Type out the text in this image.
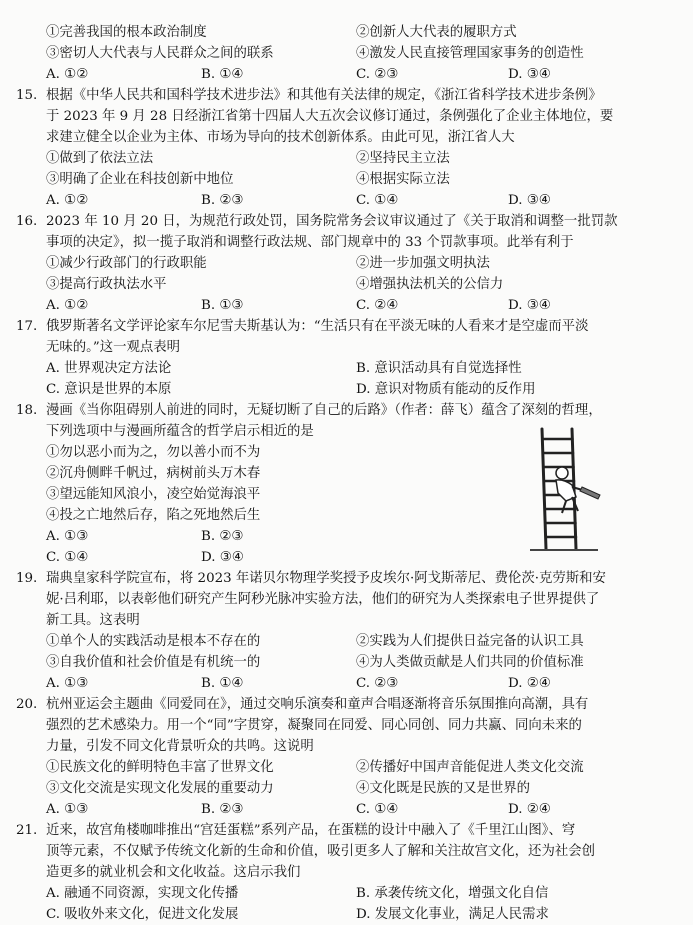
①完善我国的根本政治制度	②创新人大代表的履职方式
③密切人大代表与人民群众之间的联系	④激发人民直接管理国家事务的创造性
A. ①②	B. ①④	C. ②③	D. ③④
15. 根据《中华人民共和国科学技术进步法》和其他有关法律的规定，《浙江省科学技术进步条例》
于 2023 年 9 月 28 日经浙江省第十四届人大五次会议修订通过，条例强化了企业主体地位，要
求建立健全以企业为主体、市场为导向的技术创新体系。由此可见，浙江省人大
①做到了依法立法	②坚持民主立法
③明确了企业在科技创新中地位	④根据实际立法
A. ①②	B. ②③	C. ①④	D. ③④
16. 2023 年 10 月 20 日，为规范行政处罚，国务院常务会议审议通过了《关于取消和调整一批罚款
事项的决定》，拟一揽子取消和调整行政法规、部门规章中的 33 个罚款事项。此举有利于
①减少行政部门的行政职能	②进一步加强文明执法
③提高行政执法水平	④增强执法机关的公信力
A. ①②	B. ①③	C. ②④	D. ③④
17. 俄罗斯著名文学评论家车尔尼雪夫斯基认为：“生活只有在平淡无味的人看来才是空虚而平淡
无味的。”这一观点表明
A. 世界观决定方法论	B. 意识活动具有自觉选择性
C. 意识是世界的本原	D. 意识对物质有能动的反作用
18. 漫画《当你阻碍别人前进的同时，无疑切断了自己的后路》（作者：薛飞）蕴含了深刻的哲理，
下列选项中与漫画所蕴含的哲学启示相近的是
①勿以恶小而为之，勿以善小而不为
②沉舟侧畔千帆过，病树前头万木春
③望远能知风浪小，凌空始觉海浪平
④投之亡地然后存，陷之死地然后生
A. ①③	B. ②③
C. ①④	D. ③④
19. 瑞典皇家科学院宣布，将 2023 年诺贝尔物理学奖授予皮埃尔·阿戈斯蒂尼、费伦茨·克劳斯和安
妮·吕利耶，以表彰他们研究产生阿秒光脉冲实验方法，他们的研究为人类探索电子世界提供了
新工具。这表明
①单个人的实践活动是根本不存在的	②实践为人们提供日益完备的认识工具
③自我价值和社会价值是有机统一的	④为人类做贡献是人们共同的价值标准
A. ①③	B. ①④	C. ②③	D. ②④
20. 杭州亚运会主题曲《同爱同在》，通过交响乐演奏和童声合唱逐渐将音乐氛围推向高潮，具有
强烈的艺术感染力。用一个“同”字贯穿，凝聚同在同爱、同心同创、同力共赢、同向未来的
力量，引发不同文化背景听众的共鸣。这说明
①民族文化的鲜明特色丰富了世界文化	②传播好中国声音能促进人类文化交流
③文化交流是实现文化发展的重要动力	④文化既是民族的又是世界的
A. ①③	B. ②③	C. ①④	D. ②④
21. 近来，故宫角楼咖啡推出“宫廷蛋糕”系列产品，在蛋糕的设计中融入了《千里江山图》、穹
顶等元素，不仅赋予传统文化新的生命和价值，吸引更多人了解和关注故宫文化，还为社会创
造更多的就业机会和文化收益。这启示我们
A. 融通不同资源，实现文化传播	B. 承袭传统文化，增强文化自信
C. 吸收外来文化，促进文化发展	D. 发展文化事业，满足人民需求
